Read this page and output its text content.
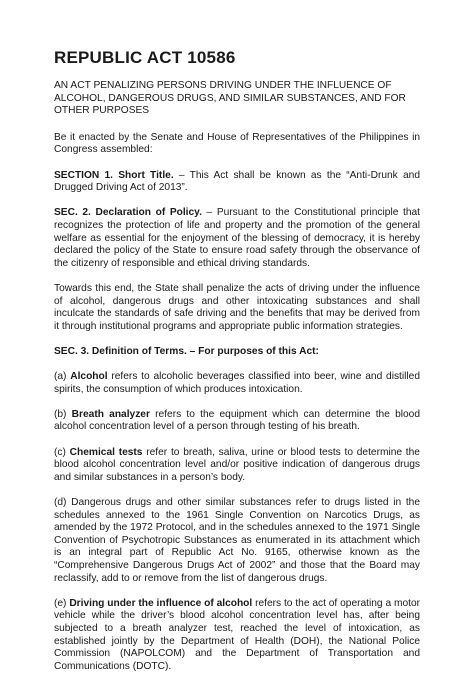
REPUBLIC ACT 10586
AN ACT PENALIZING PERSONS DRIVING UNDER THE INFLUENCE OF ALCOHOL, DANGEROUS DRUGS, AND SIMILAR SUBSTANCES, AND FOR OTHER PURPOSES

Be it enacted by the Senate and House of Representatives of the Philippines in Congress assembled:

SECTION 1. Short Title. – This Act shall be known as the “Anti-Drunk and Drugged Driving Act of 2013”.

SEC. 2. Declaration of Policy. – Pursuant to the Constitutional principle that recognizes the protection of life and property and the promotion of the general welfare as essential for the enjoyment of the blessing of democracy, it is hereby declared the policy of the State to ensure road safety through the observance of the citizenry of responsible and ethical driving standards.

Towards this end, the State shall penalize the acts of driving under the influence of alcohol, dangerous drugs and other intoxicating substances and shall inculcate the standards of safe driving and the benefits that may be derived from it through institutional programs and appropriate public information strategies.

SEC. 3. Definition of Terms. – For purposes of this Act:

(a) Alcohol refers to alcoholic beverages classified into beer, wine and distilled spirits, the consumption of which produces intoxication.

(b) Breath analyzer refers to the equipment which can determine the blood alcohol concentration level of a person through testing of his breath.

(c) Chemical tests refer to breath, saliva, urine or blood tests to determine the blood alcohol concentration level and/or positive indication of dangerous drugs and similar substances in a person’s body.

(d) Dangerous drugs and other similar substances refer to drugs listed in the schedules annexed to the 1961 Single Convention on Narcotics Drugs, as amended by the 1972 Protocol, and in the schedules annexed to the 1971 Single Convention of Psychotropic Substances as enumerated in its attachment which is an integral part of Republic Act No. 9165, otherwise known as the “Comprehensive Dangerous Drugs Act of 2002” and those that the Board may reclassify, add to or remove from the list of dangerous drugs.

(e) Driving under the influence of alcohol refers to the act of operating a motor vehicle while the driver’s blood alcohol concentration level has, after being subjected to a breath analyzer test, reached the level of intoxication, as established jointly by the Department of Health (DOH), the National Police Commission (NAPOLCOM) and the Department of Transportation and Communications (DOTC).
